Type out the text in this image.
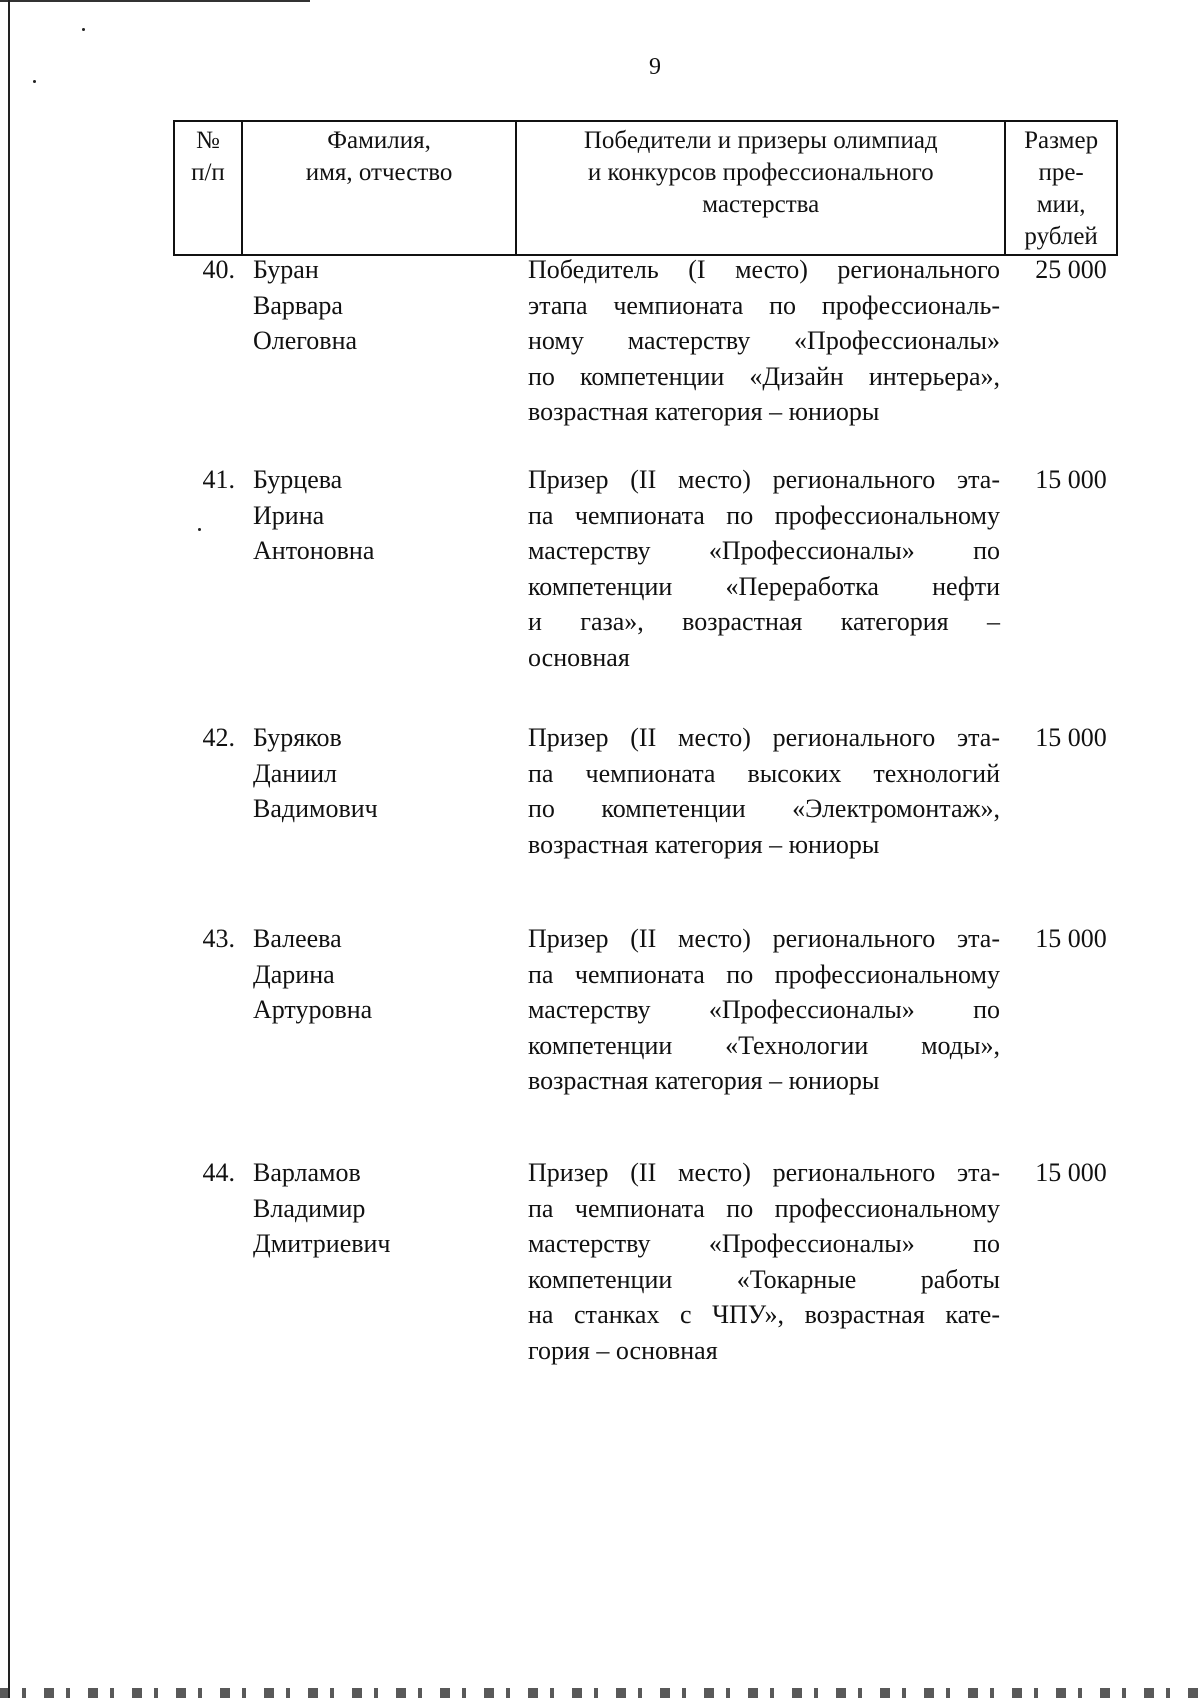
9
№
п/п
Фамилия,
имя, отчество
Победители и призеры олимпиад
и конкурсов профессионального
мастерства
Размер
пре-
мии,
рублей
40. Буран
Варвара
Олеговна
Победитель (I место) регионального
этапа чемпионата по профессиональ-
ному мастерству «Профессионалы»
по компетенции «Дизайн интерьера»,
возрастная категория – юниоры
25 000
41. Бурцева
Ирина
Антоновна
Призер (II место) регионального эта-
па чемпионата по профессиональному
мастерству «Профессионалы» по
компетенции «Переработка нефти
и газа», возрастная категория –
основная
15 000
42. Буряков
Даниил
Вадимович
Призер (II место) регионального эта-
па чемпионата высоких технологий
по компетенции «Электромонтаж»,
возрастная категория – юниоры
15 000
43. Валеева
Дарина
Артуровна
Призер (II место) регионального эта-
па чемпионата по профессиональному
мастерству «Профессионалы» по
компетенции «Технологии моды»,
возрастная категория – юниоры
15 000
44. Варламов
Владимир
Дмитриевич
Призер (II место) регионального эта-
па чемпионата по профессиональному
мастерству «Профессионалы» по
компетенции «Токарные работы
на станках с ЧПУ», возрастная кате-
гория – основная
15 000
